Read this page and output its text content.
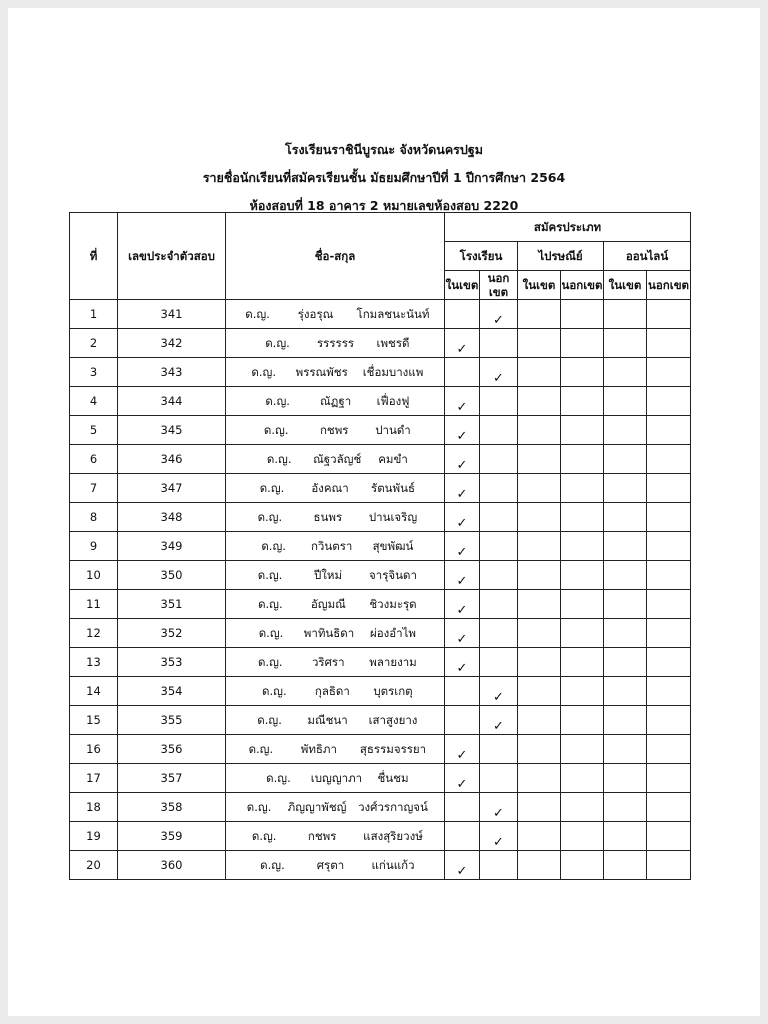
โรงเรียนราชินีบูรณะ จังหวัดนครปฐม
รายชื่อนักเรียนที่สมัครเรียนชั้น มัธยมศึกษาปีที่ 1 ปีการศึกษา 2564
ห้องสอบที่ 18 อาคาร 2 หมายเลขห้องสอบ 2220
ที่	เลขประจำตัวสอบ	ชื่อ-สกุล	สมัครประเภท					
			โรงเรียน		ไปรษณีย์		ออนไลน์	
			ในเขต	นอกเขต	ในเขต	นอกเขต	ในเขต	นอกเขต
1	341	ด.ญ. รุ่งอรุณ โกมลชนะนันท์		✓				
2	342	ด.ญ. รรรรรร เพชรดี	✓					
3	343	ด.ญ. พรรณพัชร เชื่อมบางแพ		✓				
4	344	ด.ญ. ณัฏฐา เฟื่องฟู	✓					
5	345	ด.ญ. กชพร ปานดำ	✓					
6	346	ด.ญ. ณัฐวลัญช์ คมขำ	✓					
7	347	ด.ญ. อังคณา รัตนพันธ์	✓					
8	348	ด.ญ. ธนพร ปานเจริญ	✓					
9	349	ด.ญ. กวินตรา สุขพัฒน์	✓					
10	350	ด.ญ. ปีใหม่ จารุจินดา	✓					
11	351	ด.ญ. อัญมณี ชิวงมะรุด	✓					
12	352	ด.ญ. พาทินธิดา ผ่องอำไพ	✓					
13	353	ด.ญ. วริศรา พลายงาม	✓					
14	354	ด.ญ. กุลธิดา บุตรเกตุ		✓				
15	355	ด.ญ. มณีชนา เสาสูงยาง		✓				
16	356	ด.ญ. พัทธิภา สุธรรมจรรยา	✓					
17	357	ด.ญ. เบญญาภา ชื่นชม	✓					
18	358	ด.ญ. ภิญญาพัชญ์ วงศ์วรกาญจน์		✓				
19	359	ด.ญ. กชพร แสงสุริยวงษ์		✓				
20	360	ด.ญ. ศรุตา แก่นแก้ว	✓					
